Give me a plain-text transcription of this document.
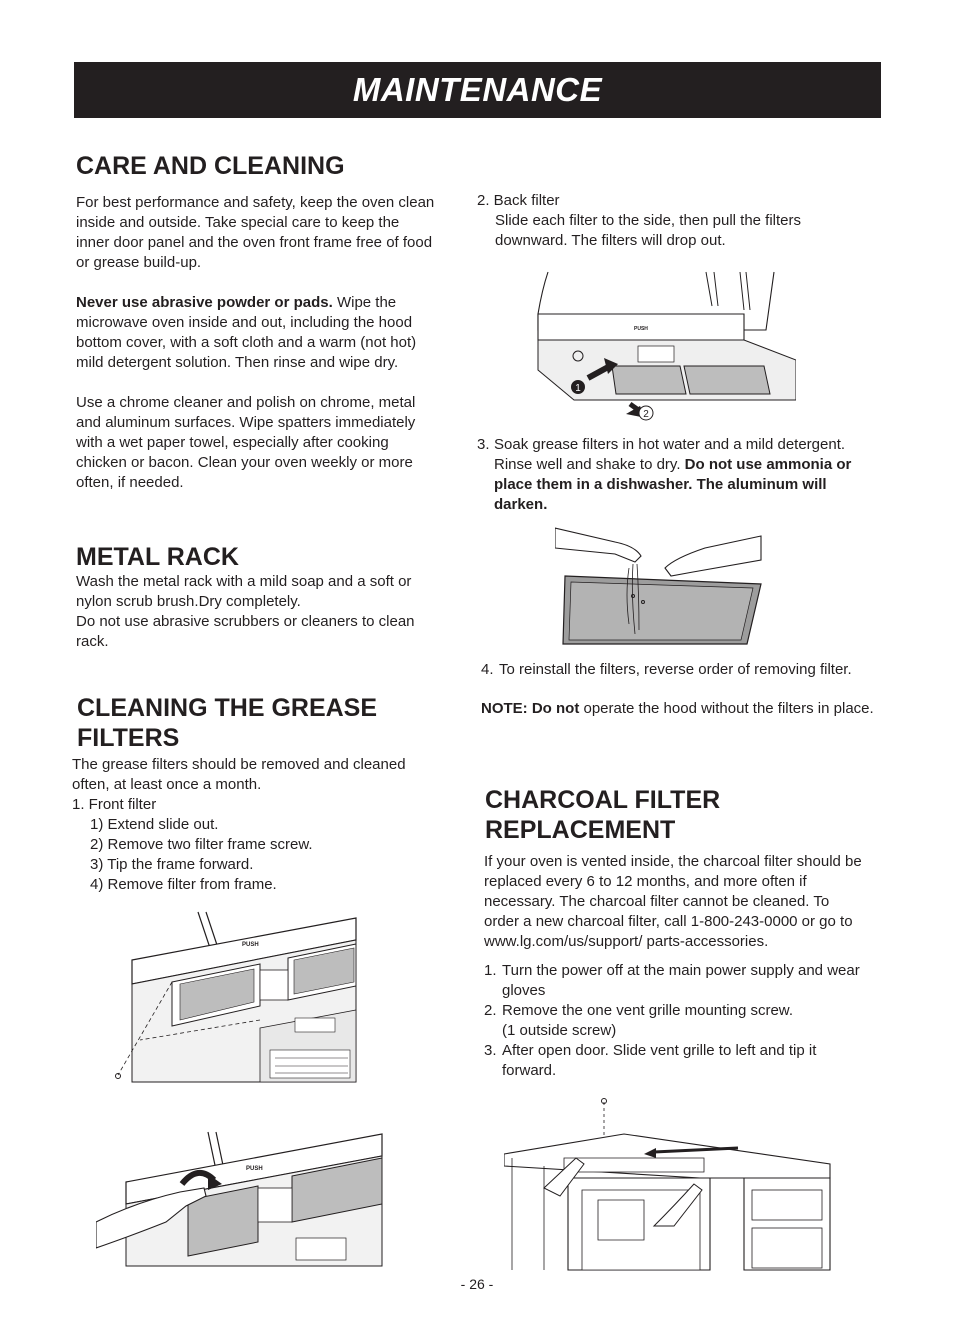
MAINTENANCE
CARE AND CLEANING

For best performance and safety, keep the oven clean inside and outside. Take special care to keep the inner door panel and the oven front frame free of food or grease build-up.

Never use abrasive powder or pads. Wipe the microwave oven inside and out, including the hood bottom cover, with a soft cloth and a warm (not hot) mild detergent solution. Then rinse and wipe dry.

Use a chrome cleaner and polish on chrome, metal and aluminum surfaces. Wipe spatters immediately with a wet paper towel, especially after cooking chicken or bacon. Clean your oven weekly or more often, if needed.

METAL RACK

Wash the metal rack with a mild soap and a soft or nylon scrub brush.Dry completely.

Do not use abrasive scrubbers or cleaners to clean rack.

CLEANING THE GREASE
FILTERS

The grease filters should be removed and cleaned often, at least once a month.

1. Front filter

1) Extend slide out.

2) Remove two filter frame screw.

3) Tip the frame forward.

4) Remove filter from frame.

PUSH
PUSH

2. Back filter

Slide each filter to the side, then pull the filters downward. The filters will drop out.

PUSH
1
2

3. Soak grease filters in hot water and a mild detergent. Rinse well and shake to dry. Do not use ammonia or place them in a dishwasher. The aluminum will darken.

4. To reinstall the filters, reverse order of removing filter.

NOTE: Do not operate the hood without the filters in place.

CHARCOAL FILTER
REPLACEMENT

If your oven is vented inside, the charcoal filter should be replaced every 6 to 12 months, and more often if necessary. The charcoal filter cannot be cleaned. To order a new charcoal filter, call 1-800-243-0000 or go to www.lg.com/us/support/ parts-accessories.

1. Turn the power off at the main power supply and wear gloves

2. Remove the one vent grille mounting screw.

(1 outside screw)

3. After open door. Slide vent grille to left and tip it forward.

- 26 -
